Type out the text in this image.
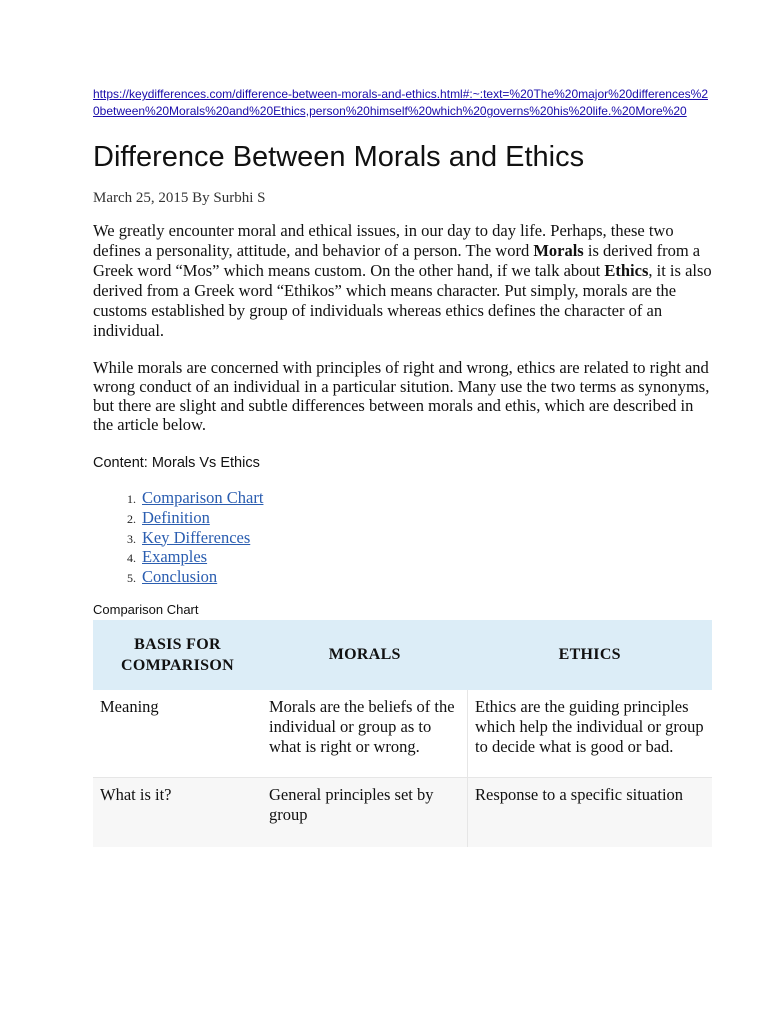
https://keydifferences.com/difference-between-morals-and-ethics.html#:~:text=%20The%20major%20differences%20between%20Morals%20and%20Ethics,person%20himself%20which%20governs%20his%20life.%20More%20

Difference Between Morals and Ethics

March 25, 2015 By Surbhi S

We greatly encounter moral and ethical issues, in our day to day life. Perhaps, these two defines a personality, attitude, and behavior of a person. The word Morals is derived from a Greek word “Mos” which means custom. On the other hand, if we talk about Ethics, it is also derived from a Greek word “Ethikos” which means character. Put simply, morals are the customs established by group of individuals whereas ethics defines the character of an individual.

While morals are concerned with principles of right and wrong, ethics are related to right and wrong conduct of an individual in a particular sitution. Many use the two terms as synonyms, but there are slight and subtle differences between morals and ethis, which are described in the article below.

Content: Morals Vs Ethics

1. Comparison Chart
2. Definition
3. Key Differences
4. Examples
5. Conclusion

Comparison Chart

BASIS FOR COMPARISON	MORALS	ETHICS
Meaning	Morals are the beliefs of the individual or group as to what is right or wrong.	Ethics are the guiding principles which help the individual or group to decide what is good or bad.
What is it?	General principles set by group	Response to a specific situation
